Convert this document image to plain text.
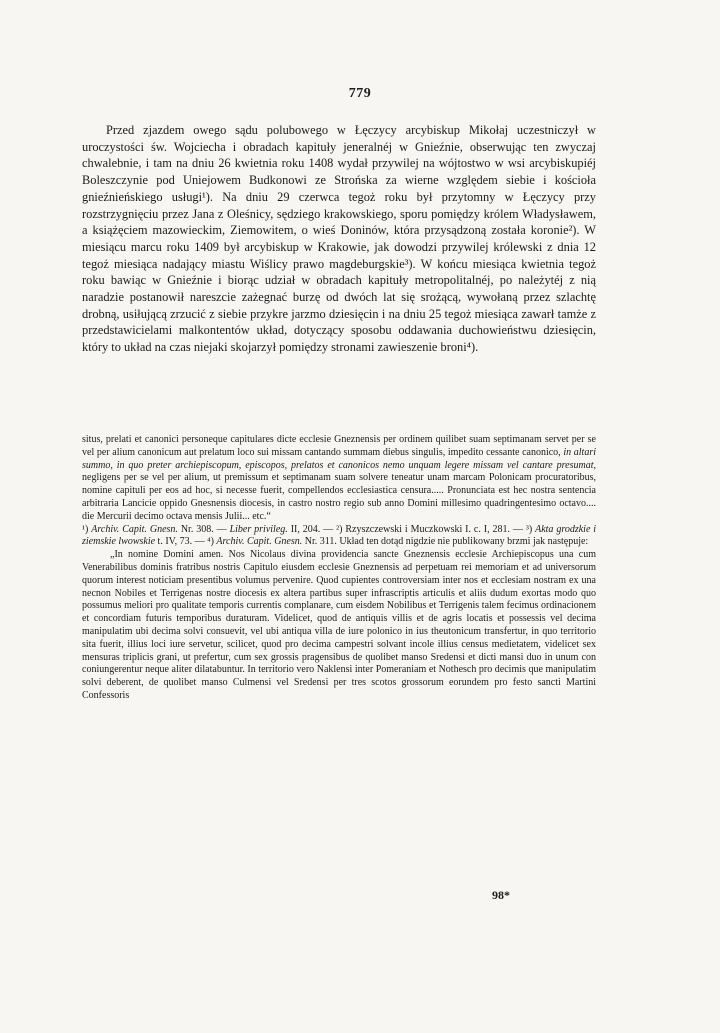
779

Przed zjazdem owego sądu polubowego w Łęczycy arcybiskup Mikołaj uczestniczył w uroczystości św. Wojciecha i obradach kapituły jeneralnéj w Gnieźnie, obserwując ten zwyczaj chwalebnie, i tam na dniu 26 kwietnia roku 1408 wydał przywilej na wójtostwo w wsi arcybiskupiéj Boleszczynie pod Uniejowem Budkonowi ze Strońska za wierne względem siebie i kościoła gnieźnieńskiego usługi¹). Na dniu 29 czerwca tegoż roku był przytomny w Łęczycy przy rozstrzygnięciu przez Jana z Oleśnicy, sędziego krakowskiego, sporu pomiędzy królem Władysławem, a książęciem mazowieckim, Ziemowitem, o wieś Doninów, która przysądzoną została koronie²). W miesiącu marcu roku 1409 był arcybiskup w Krakowie, jak dowodzi przywilej królewski z dnia 12 tegoż miesiąca nadający miastu Wiślicy prawo magdeburgskie³). W końcu miesiąca kwietnia tegoż roku bawiąc w Gnieźnie i biorąc udział w obradach kapituły metropolitalnéj, po należytéj z nią naradzie postanowił nareszcie zażegnać burzę od dwóch lat się srożącą, wywołaną przez szlachtę drobną, usiłującą zrzucić z siebie przykre jarzmo dziesięcin i na dniu 25 tegoż miesiąca zawarł tamże z przedstawicielami malkontentów układ, dotyczący sposobu oddawania duchowieństwu dziesięcin, który to układ na czas niejaki skojarzył pomiędzy stronami zawieszenie broni⁴).

situs, prelati et canonici personeque capitulares dicte ecclesie Gneznensis per ordinem quilibet suam septimanam servet per se vel per alium canonicum aut prelatum loco sui missam cantando summam diebus singulis, impedito cessante canonico, in altari summo, in quo preter archiepiscopum, episcopos, prelatos et canonicos nemo unquam legere missam vel cantare presumat, negligens per se vel per alium, ut premissum et septimanam suam solvere teneatur unam marcam Polonicam procuratoribus, nomine capituli per eos ad hoc, si necesse fuerit, compellendos ecclesiastica censura..... Pronunciata est hec nostra sentencia arbitraria Lancicie oppido Gnesnensis diocesis, in castro nostro regio sub anno Domini millesimo quadringentesimo octavo.... die Mercurii decimo octava mensis Julii... etc.“

¹) Archiv. Capit. Gnesn. Nr. 308. — Liber privileg. II, 204. — ²) Rzyszczewski i Muczkowski I. c. I, 281. — ³) Akta grodzkie i ziemskie lwowskie t. IV, 73. — ⁴) Archiv. Capit. Gnesn. Nr. 311. Układ ten dotąd nigdzie nie publikowany brzmi jak następuje:

„In nomine Domini amen. Nos Nicolaus divina providencia sancte Gneznensis ecclesie Archiepiscopus una cum Venerabilibus dominis fratribus nostris Capitulo eiusdem ecclesie Gneznensis ad perpetuam rei memoriam et ad universorum quorum interest noticiam presentibus volumus pervenire. Quod cupientes controversiam inter nos et ecclesiam nostram ex una necnon Nobiles et Terrigenas nostre diocesis ex altera partibus super infrascriptis articulis et aliis dudum exortas modo quo possumus meliori pro qualitate temporis currentis complanare, cum eisdem Nobilibus et Terrigenis talem fecimus ordinacionem et concordiam futuris temporibus duraturam. Videlicet, quod de antiquis villis et de agris locatis et possessis vel decima manipulatim ubi decima solvi consuevit, vel ubi antiqua villa de iure polonico in ius theutonicum transfertur, in quo territorio sita fuerit, illius loci iure servetur, scilicet, quod pro decima campestri solvant incole illius census medietatem, videlicet sex mensuras triplicis grani, ut prefertur, cum sex grossis pragensibus de quolibet manso Sredensi et dicti mansi duo in unum con coniungerentur neque aliter dilatabuntur. In territorio vero Naklensi inter Pomeraniam et Nothesch pro decimis que manipulatim solvi deberent, de quolibet manso Culmensi vel Sredensi per tres scotos grossorum eorundem pro festo sancti Martini Confessoris

98*
